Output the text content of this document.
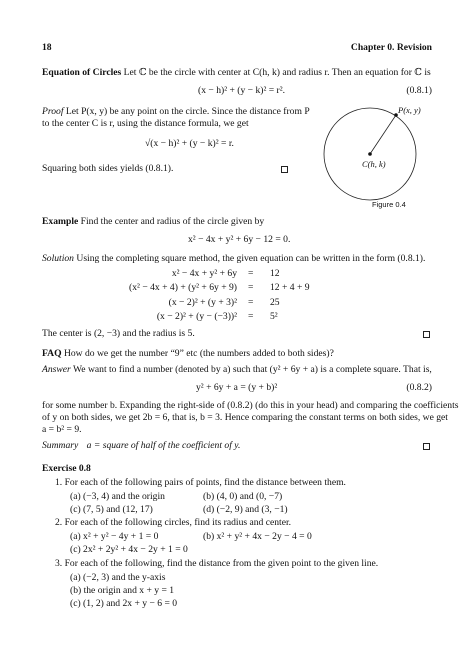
18	Chapter 0. Revision
Equation of Circles Let ℂ be the circle with center at C(h, k) and radius r. Then an equation for ℂ is
(x − h)² + (y − k)² = r².	(0.8.1)
Proof Let P(x, y) be any point on the circle. Since the distance from P
to the center C is r, using the distance formula, we get
√(x − h)² + (y − k)² = r.
Squaring both sides yields (0.8.1).
P(x, y)
C(h, k)
Figure 0.4
Example Find the center and radius of the circle given by
x² − 4x + y² + 6y − 12 = 0.
Solution Using the completing square method, the given equation can be written in the form (0.8.1).
x² − 4x + y² + 6y = 12
(x² − 4x + 4) + (y² + 6y + 9) = 12 + 4 + 9
(x − 2)² + (y + 3)² = 25
(x − 2)² + (y − (−3))² = 5²
The center is (2, −3) and the radius is 5.
FAQ How do we get the number “9” etc (the numbers added to both sides)?
Answer We want to find a number (denoted by a) such that (y² + 6y + a) is a complete square. That is,
y² + 6y + a = (y + b)²	(0.8.2)
for some number b. Expanding the right-side of (0.8.2) (do this in your head) and comparing the coefficients
of y on both sides, we get 2b = 6, that is, b = 3. Hence comparing the constant terms on both sides, we get
a = b² = 9.
Summary a = square of half of the coefficient of y.
Exercise 0.8
1. For each of the following pairs of points, find the distance between them.
(a) (−3, 4) and the origin	(b) (4, 0) and (0, −7)
(c) (7, 5) and (12, 17)	(d) (−2, 9) and (3, −1)
2. For each of the following circles, find its radius and center.
(a) x² + y² − 4y + 1 = 0	(b) x² + y² + 4x − 2y − 4 = 0
(c) 2x² + 2y² + 4x − 2y + 1 = 0
3. For each of the following, find the distance from the given point to the given line.
(a) (−2, 3) and the y-axis
(b) the origin and x + y = 1
(c) (1, 2) and 2x + y − 6 = 0
